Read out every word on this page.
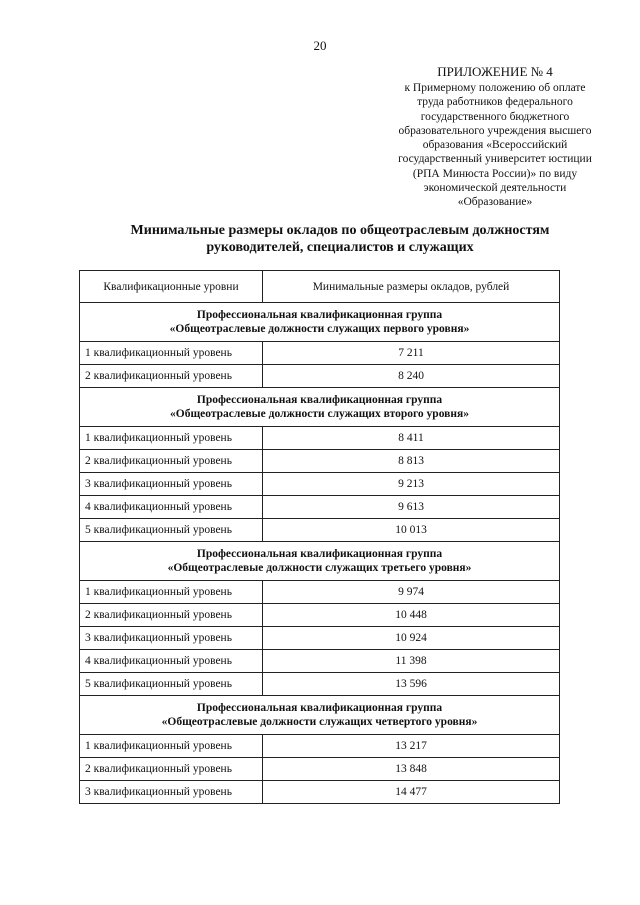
20
ПРИЛОЖЕНИЕ № 4
к Примерному положению об оплате
труда работников федерального
государственного бюджетного
образовательного учреждения высшего
образования «Всероссийский
государственный университет юстиции
(РПА Минюста России)» по виду
экономической деятельности
«Образование»
Минимальные размеры окладов по общеотраслевым должностям
руководителей, специалистов и служащих
Квалификационные уровни	Минимальные размеры окладов, рублей

Профессиональная квалификационная группа
«Общеотраслевые должности служащих первого уровня»	

1 квалификационный уровень	7 211
2 квалификационный уровень	8 240

Профессиональная квалификационная группа
«Общеотраслевые должности служащих второго уровня»	

1 квалификационный уровень	8 411
2 квалификационный уровень	8 813
3 квалификационный уровень	9 213
4 квалификационный уровень	9 613
5 квалификационный уровень	10 013

Профессиональная квалификационная группа
«Общеотраслевые должности служащих третьего уровня»	

1 квалификационный уровень	9 974
2 квалификационный уровень	10 448
3 квалификационный уровень	10 924
4 квалификационный уровень	11 398
5 квалификационный уровень	13 596

Профессиональная квалификационная группа
«Общеотраслевые должности служащих четвертого уровня»	

1 квалификационный уровень	13 217
2 квалификационный уровень	13 848
3 квалификационный уровень	14 477
